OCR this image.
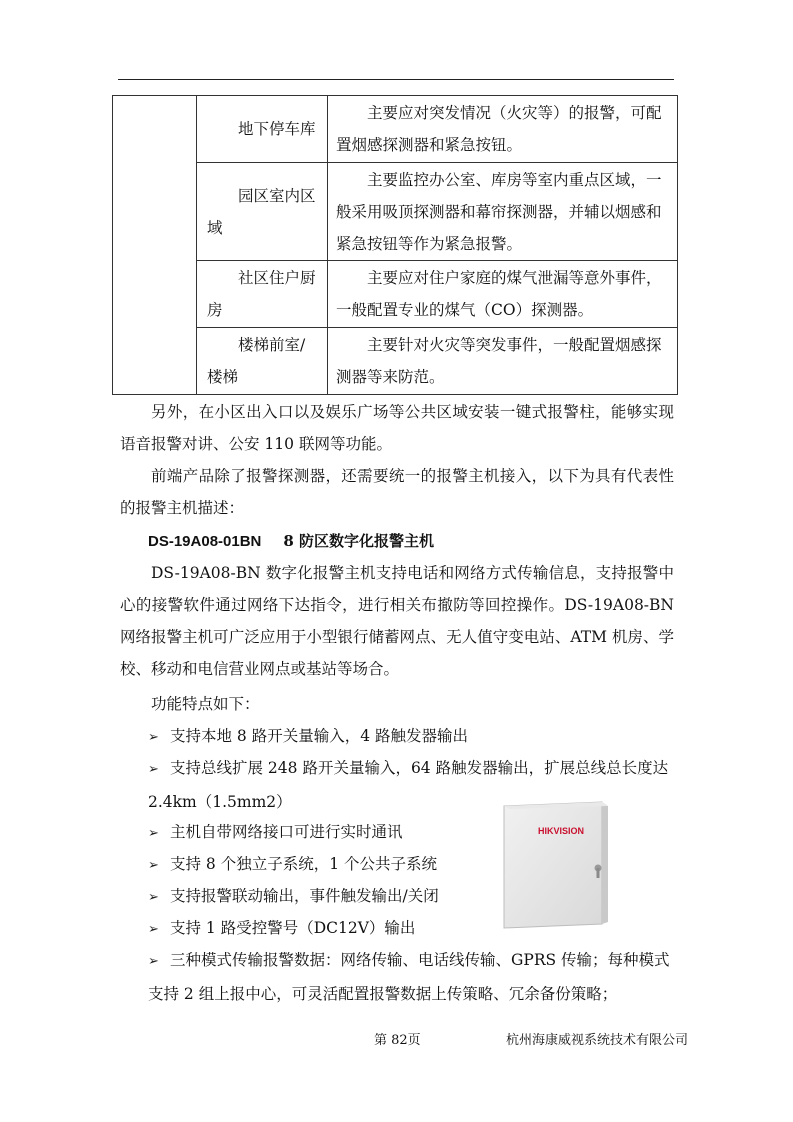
	地下停车库	主要应对突发情况（火灾等）的报警，可配置烟感探测器和紧急按钮。

	园区室内区域	主要监控办公室、库房等室内重点区域，一般采用吸顶探测器和幕帘探测器，并辅以烟感和紧急按钮等作为紧急报警。

	社区住户厨房	主要应对住户家庭的煤气泄漏等意外事件，一般配置专业的煤气（CO）探测器。

	楼梯前室/楼梯	主要针对火灾等突发事件，一般配置烟感探测器等来防范。

另外，在小区出入口以及娱乐广场等公共区域安装一键式报警柱，能够实现语音报警对讲、公安 110 联网等功能。

前端产品除了报警探测器，还需要统一的报警主机接入，以下为具有代表性的报警主机描述：

DS-19A08-01BN 8 防区数字化报警主机

DS-19A08-BN 数字化报警主机支持电话和网络方式传输信息，支持报警中心的接警软件通过网络下达指令，进行相关布撤防等回控操作。DS-19A08-BN 网络报警主机可广泛应用于小型银行储蓄网点、无人值守变电站、ATM 机房、学校、移动和电信营业网点或基站等场合。

功能特点如下：

➢ 支持本地 8 路开关量输入，4 路触发器输出
➢ 支持总线扩展 248 路开关量输入，64 路触发器输出，扩展总线总长度达 2.4km（1.5mm2）
➢ 主机自带网络接口可进行实时通讯
➢ 支持 8 个独立子系统，1 个公共子系统
➢ 支持报警联动输出，事件触发输出/关闭
➢ 支持 1 路受控警号（DC12V）输出
➢ 三种模式传输报警数据：网络传输、电话线传输、GPRS 传输；每种模式支持 2 组上报中心，可灵活配置报警数据上传策略、冗余备份策略；
HIKVISION
第 82页	杭州海康威视系统技术有限公司
